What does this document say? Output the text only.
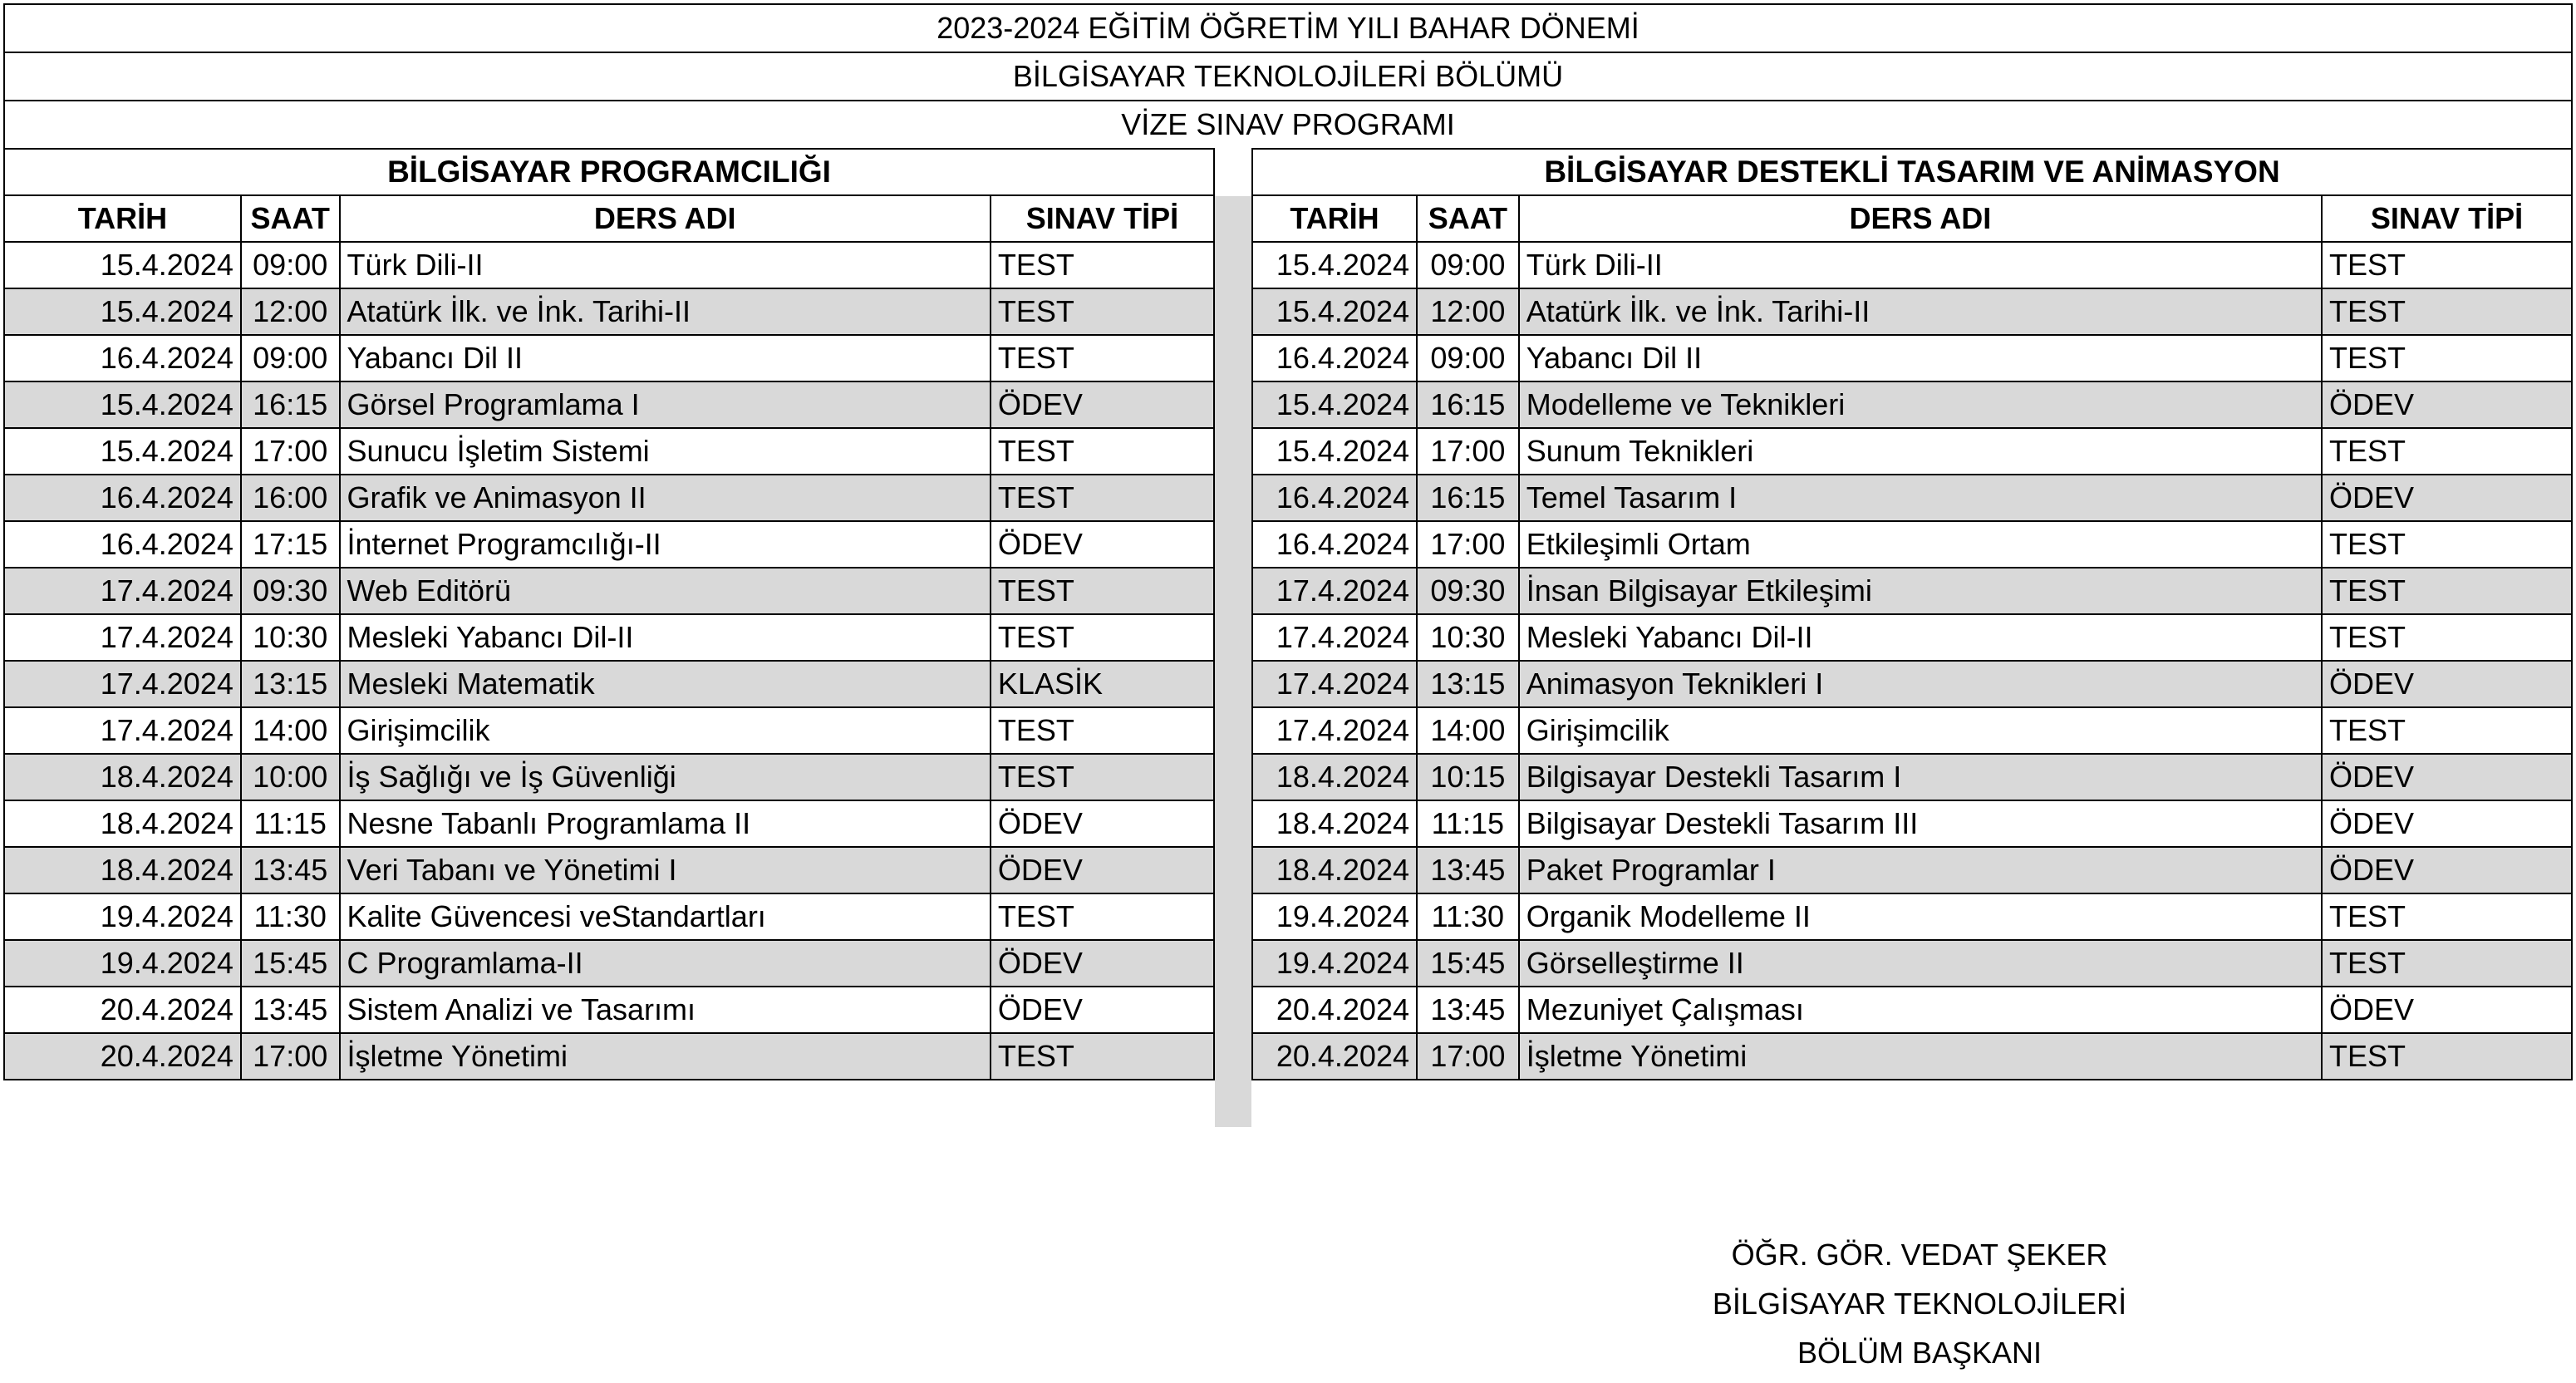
2023-2024 EĞİTİM ÖĞRETİM YILI BAHAR DÖNEMİ
BİLGİSAYAR TEKNOLOJİLERİ BÖLÜMÜ
VİZE SINAV PROGRAMI
BİLGİSAYAR PROGRAMCILIĞI			
TARİH	SAAT	DERS ADI	SINAV TİPİ
15.4.2024	09:00	Türk Dili-II	TEST
15.4.2024	12:00	Atatürk İlk. ve İnk. Tarihi-II	TEST
16.4.2024	09:00	Yabancı Dil II	TEST
15.4.2024	16:15	Görsel Programlama I	ÖDEV
15.4.2024	17:00	Sunucu İşletim Sistemi	TEST
16.4.2024	16:00	Grafik ve Animasyon II	TEST
16.4.2024	17:15	İnternet Programcılığı-II	ÖDEV
17.4.2024	09:30	Web Editörü	TEST
17.4.2024	10:30	Mesleki Yabancı Dil-II	TEST
17.4.2024	13:15	Mesleki Matematik	KLASİK
17.4.2024	14:00	Girişimcilik	TEST
18.4.2024	10:00	İş Sağlığı ve İş Güvenliği	TEST
18.4.2024	11:15	Nesne Tabanlı Programlama II	ÖDEV
18.4.2024	13:45	Veri Tabanı ve Yönetimi I	ÖDEV
19.4.2024	11:30	Kalite Güvencesi veStandartları	TEST
19.4.2024	15:45	C Programlama-II	ÖDEV
20.4.2024	13:45	Sistem Analizi ve Tasarımı	ÖDEV
20.4.2024	17:00	İşletme Yönetimi	TEST
BİLGİSAYAR DESTEKLİ TASARIM VE ANİMASYON			
TARİH	SAAT	DERS ADI	SINAV TİPİ
15.4.2024	09:00	Türk Dili-II	TEST
15.4.2024	12:00	Atatürk İlk. ve İnk. Tarihi-II	TEST
16.4.2024	09:00	Yabancı Dil II	TEST
15.4.2024	16:15	Modelleme ve Teknikleri	ÖDEV
15.4.2024	17:00	Sunum Teknikleri	TEST
16.4.2024	16:15	Temel Tasarım I	ÖDEV
16.4.2024	17:00	Etkileşimli Ortam	TEST
17.4.2024	09:30	İnsan Bilgisayar Etkileşimi	TEST
17.4.2024	10:30	Mesleki Yabancı Dil-II	TEST
17.4.2024	13:15	Animasyon Teknikleri I	ÖDEV
17.4.2024	14:00	Girişimcilik	TEST
18.4.2024	10:15	Bilgisayar Destekli Tasarım I	ÖDEV
18.4.2024	11:15	Bilgisayar Destekli Tasarım III	ÖDEV
18.4.2024	13:45	Paket Programlar I	ÖDEV
19.4.2024	11:30	Organik Modelleme II	TEST
19.4.2024	15:45	Görselleştirme II	TEST
20.4.2024	13:45	Mezuniyet Çalışması	ÖDEV
20.4.2024	17:00	İşletme Yönetimi	TEST
ÖĞR. GÖR. VEDAT ŞEKER
BİLGİSAYAR TEKNOLOJİLERİ
BÖLÜM BAŞKANI
